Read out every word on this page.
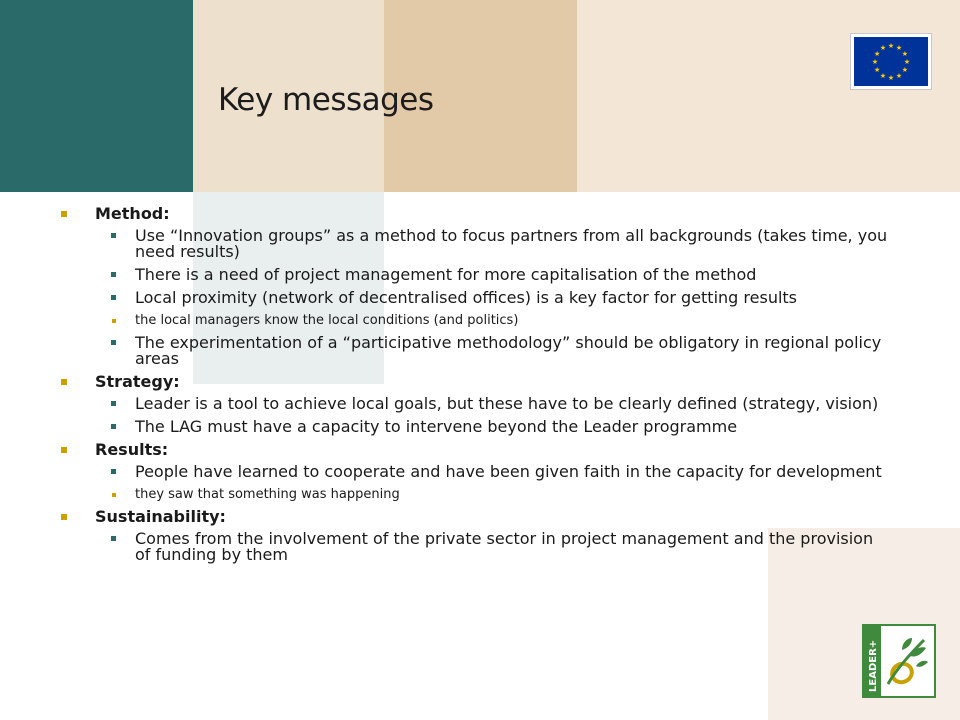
Key messages
★ ★
★
★
★
★
★
★
★
★
★
★
Method:
Use “Innovation groups” as a method to focus partners from all backgrounds (takes time, you need results)
There is a need of project management for more capitalisation of the method
Local proximity (network of decentralised offices) is a key factor for getting results
the local managers know the local conditions (and politics)
The experimentation of a “participative methodology” should be obligatory in regional policy areas
Strategy:
Leader is a tool to achieve local goals, but these have to be clearly defined (strategy, vision)
The LAG must have a capacity to intervene beyond the Leader programme
Results:
People have learned to cooperate and have been given faith in the capacity for development
they saw that something was happening
Sustainability:
Comes from the involvement of the private sector in project management and the provision of funding by them
LEADER+
